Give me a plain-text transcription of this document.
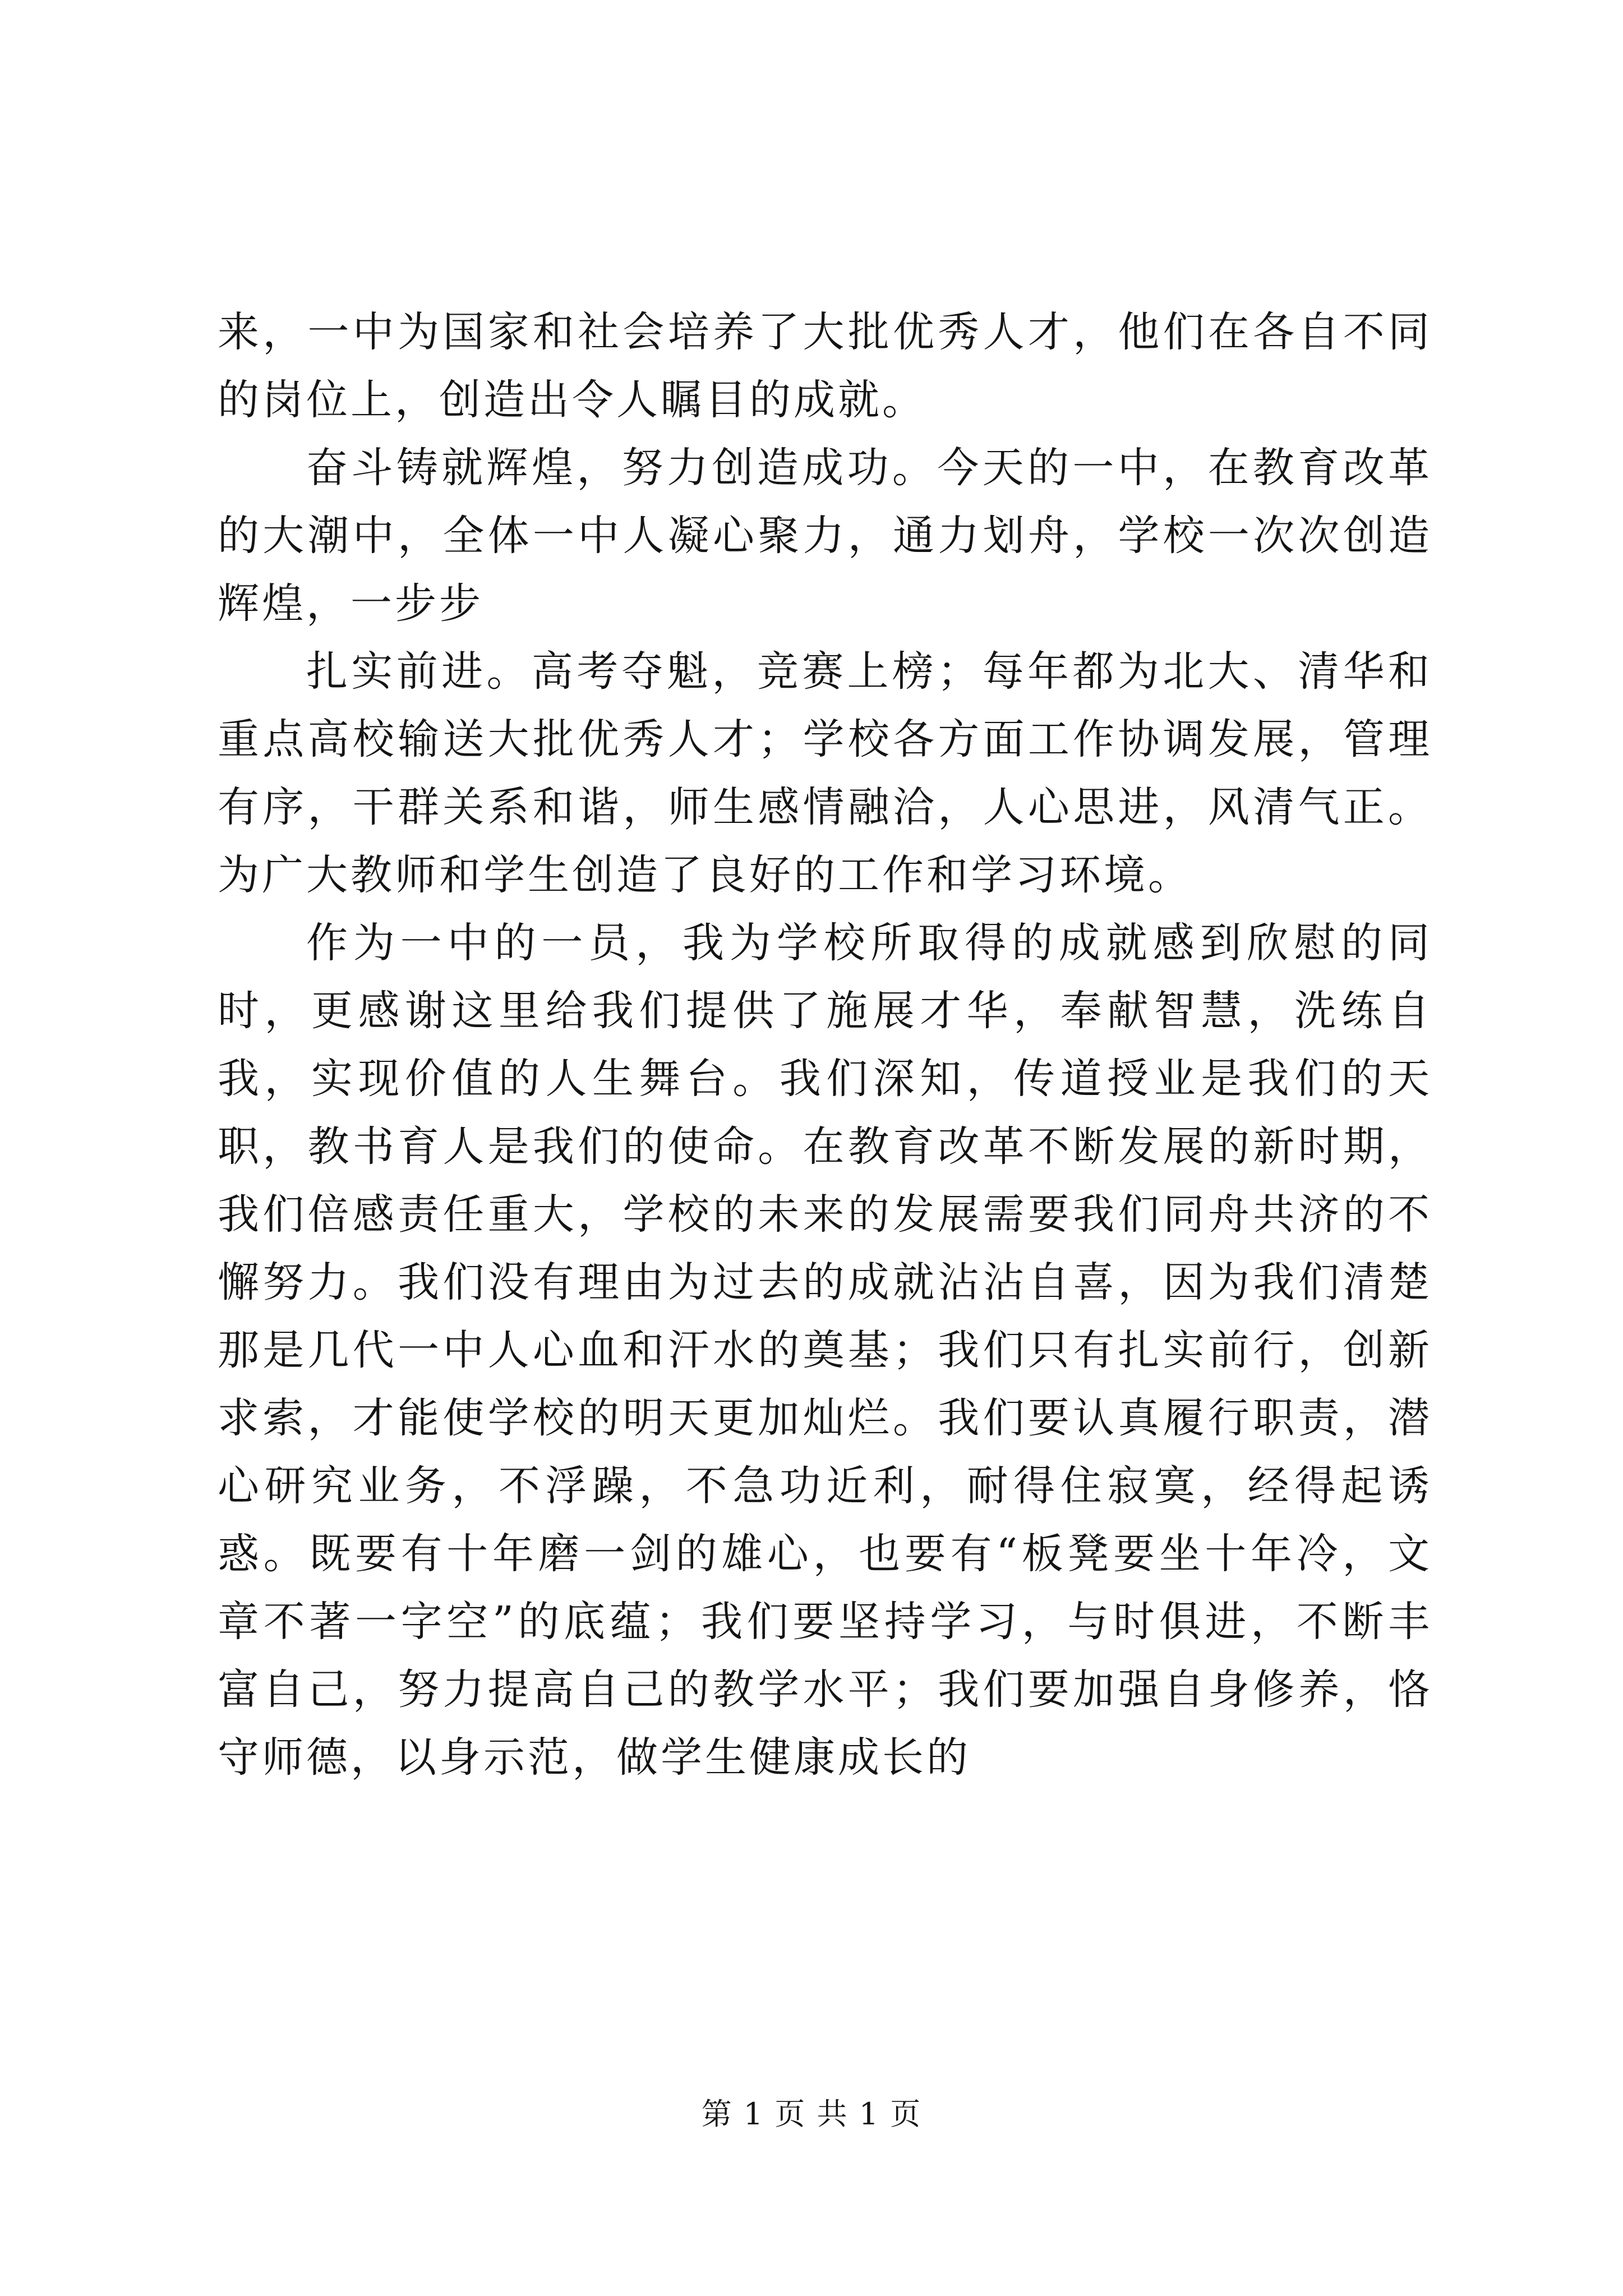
来，一中为国家和社会培养了大批优秀人才，他们在各自不同的岗位上，创造出令人瞩目的成就。

奋斗铸就辉煌，努力创造成功。今天的一中，在教育改革的大潮中，全体一中人凝心聚力，通力划舟，学校一次次创造辉煌，一步步

扎实前进。高考夺魁，竞赛上榜；每年都为北大、清华和重点高校输送大批优秀人才；学校各方面工作协调发展，管理有序，干群关系和谐，师生感情融洽，人心思进，风清气正。为广大教师和学生创造了良好的工作和学习环境。

作为一中的一员，我为学校所取得的成就感到欣慰的同时，更感谢这里给我们提供了施展才华，奉献智慧，洗练自我，实现价值的人生舞台。我们深知，传道授业是我们的天职，教书育人是我们的使命。在教育改革不断发展的新时期，我们倍感责任重大，学校的未来的发展需要我们同舟共济的不懈努力。我们没有理由为过去的成就沾沾自喜，因为我们清楚那是几代一中人心血和汗水的奠基；我们只有扎实前行，创新求索，才能使学校的明天更加灿烂。我们要认真履行职责，潜心研究业务，不浮躁，不急功近利，耐得住寂寞，经得起诱惑。既要有十年磨一剑的雄心，也要有“板凳要坐十年冷，文章不著一字空”的底蕴；我们要坚持学习，与时俱进，不断丰富自己，努力提高自己的教学水平；我们要加强自身修养，恪守师德，以身示范，做学生健康成长的

第 1 页 共 1 页
